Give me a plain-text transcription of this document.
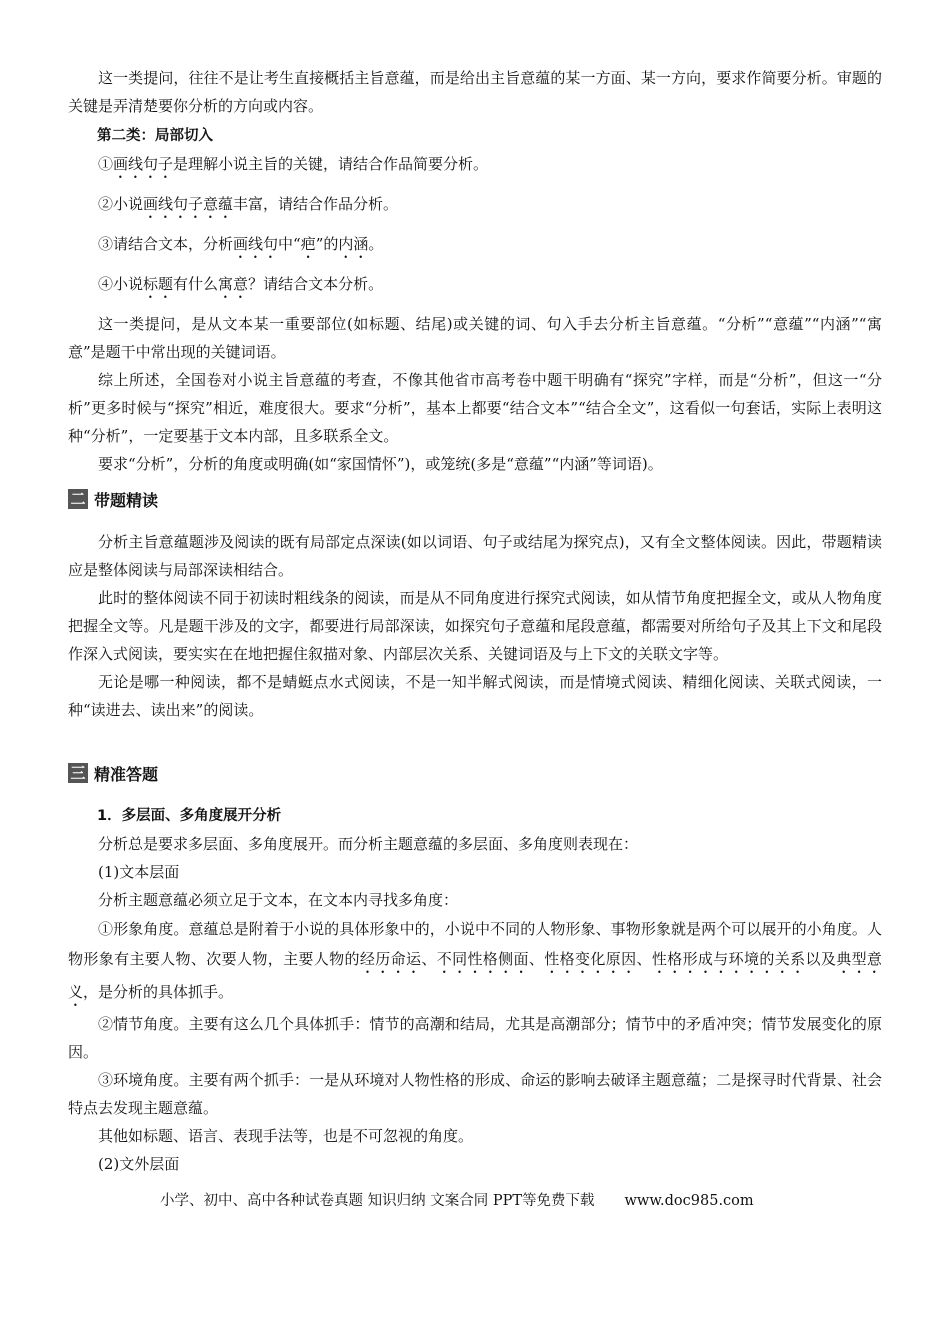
这一类提问，往往不是让考生直接概括主旨意蕴，而是给出主旨意蕴的某一方面、某一方向，要求作简要分析。审题的关键是弄清楚要你分析的方向或内容。

第二类：局部切入

①画线句子是理解小说主旨的关键，请结合作品简要分析。

②小说画线句子意蕴丰富，请结合作品分析。

③请结合文本，分析画线句中“疤”的内涵。

④小说标题有什么寓意？请结合文本分析。

这一类提问，是从文本某一重要部位(如标题、结尾)或关键的词、句入手去分析主旨意蕴。“分析”“意蕴”“内涵”“寓意”是题干中常出现的关键词语。

综上所述，全国卷对小说主旨意蕴的考查，不像其他省市高考卷中题干明确有“探究”字样，而是“分析”，但这一“分析”更多时候与“探究”相近，难度很大。要求“分析”，基本上都要“结合文本”“结合全文”，这看似一句套话，实际上表明这种“分析”，一定要基于文本内部，且多联系全文。

要求“分析”，分析的角度或明确(如“家国情怀”)，或笼统(多是“意蕴”“内涵”等词语)。

二 带题精读

分析主旨意蕴题涉及阅读的既有局部定点深读(如以词语、句子或结尾为探究点)，又有全文整体阅读。因此，带题精读应是整体阅读与局部深读相结合。

此时的整体阅读不同于初读时粗线条的阅读，而是从不同角度进行探究式阅读，如从情节角度把握全文，或从人物角度把握全文等。凡是题干涉及的文字，都要进行局部深读，如探究句子意蕴和尾段意蕴，都需要对所给句子及其上下文和尾段作深入式阅读，要实实在在地把握住叙描对象、内部层次关系、关键词语及与上下文的关联文字等。

无论是哪一种阅读，都不是蜻蜓点水式阅读，不是一知半解式阅读，而是情境式阅读、精细化阅读、关联式阅读，一种“读进去、读出来”的阅读。

三 精准答题

1．多层面、多角度展开分析

分析总是要求多层面、多角度展开。而分析主题意蕴的多层面、多角度则表现在：

(1)文本层面

分析主题意蕴必须立足于文本，在文本内寻找多角度：

①形象角度。意蕴总是附着于小说的具体形象中的，小说中不同的人物形象、事物形象就是两个可以展开的小角度。人物形象有主要人物、次要人物，主要人物的经历命运、不同性格侧面、性格变化原因、性格形成与环境的关系以及典型意义，是分析的具体抓手。

②情节角度。主要有这么几个具体抓手：情节的高潮和结局，尤其是高潮部分；情节中的矛盾冲突；情节发展变化的原因。

③环境角度。主要有两个抓手：一是从环境对人物性格的形成、命运的影响去破译主题意蕴；二是探寻时代背景、社会特点去发现主题意蕴。

其他如标题、语言、表现手法等，也是不可忽视的角度。

(2)文外层面

小学、初中、高中各种试卷真题 知识归纳 文案合同 PPT等免费下载 www.doc985.com
